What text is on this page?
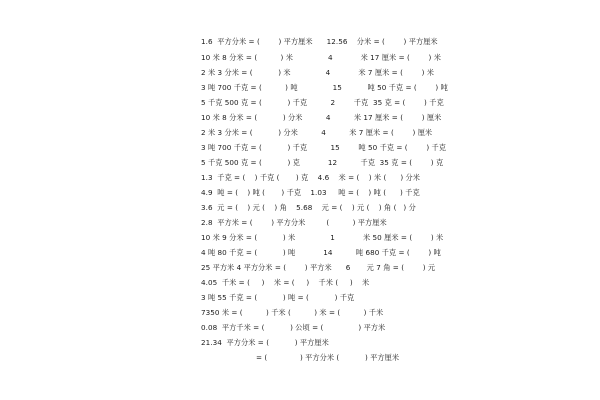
1.6  平方分米 = (        ) 平方厘米      12.56    分米 = (        ) 平方厘米
10 米 8 分米 = (          ) 米               4            米 17 厘米 = (        ) 米
2 米 3 分米 = (           ) 米               4            米 7 厘米 = (        ) 米
3 吨 700 千克 = (          ) 吨               15           吨 50 千克 = (        ) 吨
5 千克 500 克 = (           ) 千克          2        千克  35 克 = (        ) 千克
10 米 8 分米 = (           ) 分米          4          米 17 厘米 = (        ) 厘米
2 米 3 分米 = (           ) 分米          4          米 7 厘米 = (        ) 厘米
3 吨 700 千克 = (           ) 千克          15        吨 50 千克 = (        ) 千克
5 千克 500 克 = (           ) 克            12          千克  35 克 = (        ) 克
1.3  千克 = (    ) 千克 (       ) 克    4.6    米 = (    ) 米 (      ) 分米
4.9  吨 = (    ) 吨 (       ) 千克    1.03     吨 = (    ) 吨 (      ) 千克
3.6  元 = (    ) 元 (    ) 角    5.68    元 = (    ) 元 (    ) 角 (   ) 分
2.8  平方米 = (        ) 平方分米         (          ) 平方厘米
10 米 9 分米 = (           ) 米               1            米 50 厘米 = (        ) 米
4 吨 80 千克 = (           ) 吨            14          吨 680 千克 = (        ) 吨
25 平方米 4 平方分米 = (        ) 平方米      6       元 7 角 = (        ) 元
4.05  千米 = (     )    米 = (     )    千米 (     )    米
3 吨 55 千克 = (           ) 吨 = (           ) 千克
7350 米 = (          ) 千米 (          ) 米 = (          ) 千米
0.08  平方千米 = (           ) 公顷 = (               ) 平方米
21.34  平方分米 = (           ) 平方厘米
= (              ) 平方分米 (           ) 平方厘米
